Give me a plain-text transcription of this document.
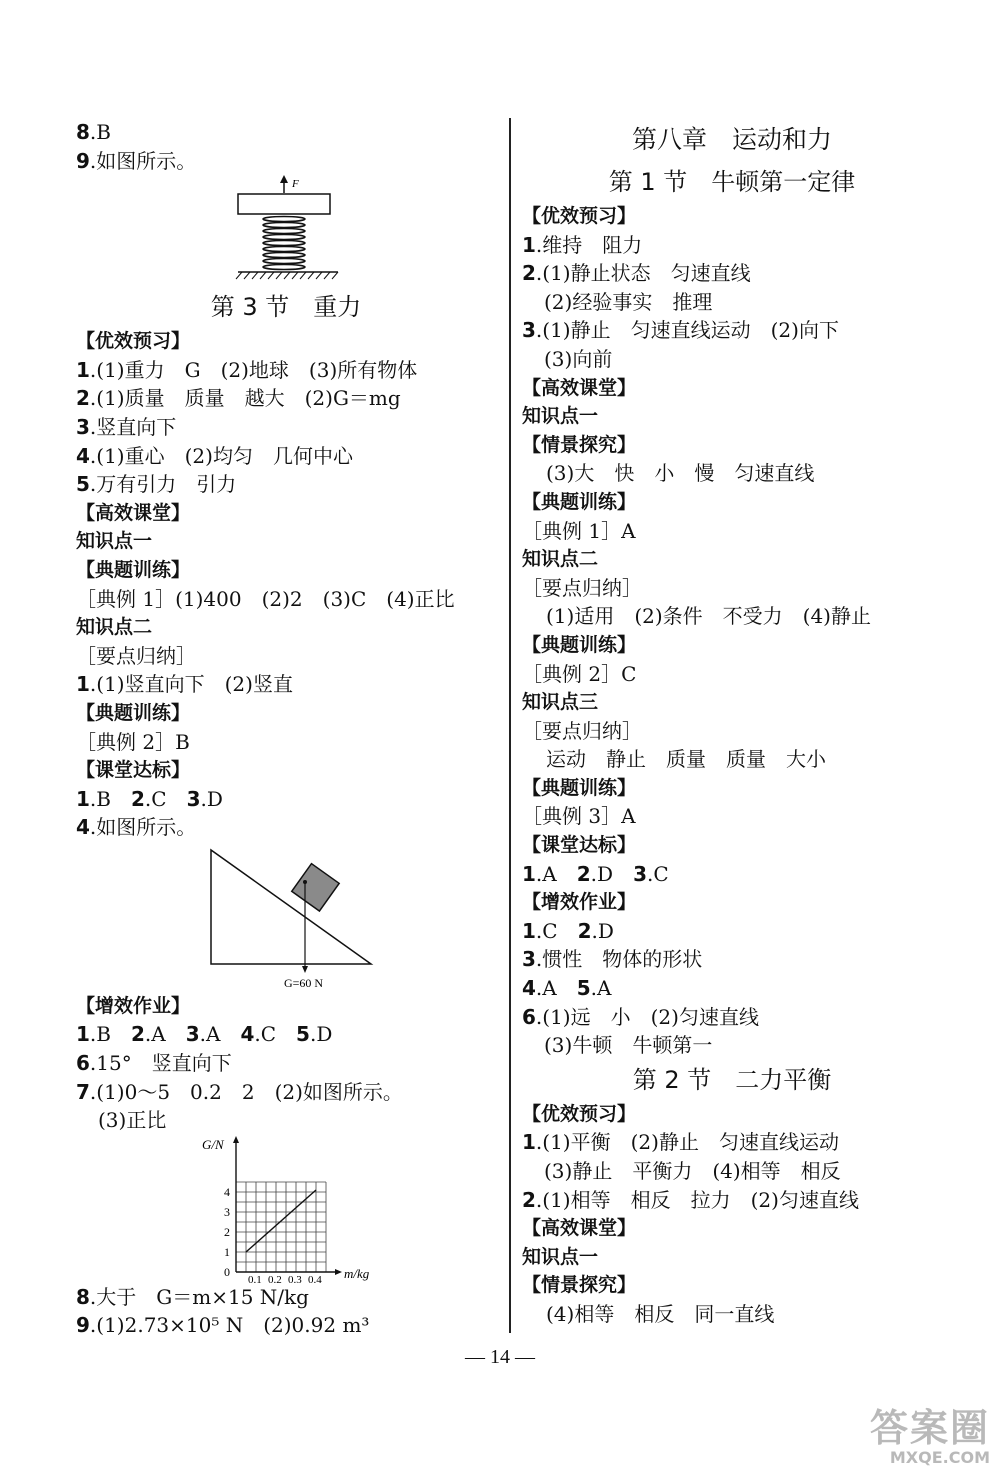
8.B
9.如图所示。
F
第 3 节　重力
【优效预习】
1.(1)重力　G　(2)地球　(3)所有物体
2.(1)质量　质量　越大　(2)G＝mg
3.竖直向下
4.(1)重心　(2)均匀　几何中心
5.万有引力　引力
【高效课堂】
知识点一
【典题训练】
［典例 1］(1)400　(2)2　(3)C　(4)正比
知识点二
［要点归纳］
1.(1)竖直向下　(2)竖直
【典题训练】
［典例 2］B
【课堂达标】
1.B　2.C　3.D
4.如图所示。
G=60 N
【增效作业】
1.B　2.A　3.A　4.C　5.D
6.15°　竖直向下
7.(1)0～5　0.2　2　(2)如图所示。
(3)正比
G/N
4
3
2
1
0
0.1 0.2 0.3 0.4 m/kg
8.大于　G＝m×15 N/kg
9.(1)2.73×10⁵ N　(2)0.92 m³
第八章　运动和力
第 1 节　牛顿第一定律
【优效预习】
1.维持　阻力
2.(1)静止状态　匀速直线
(2)经验事实　推理
3.(1)静止　匀速直线运动　(2)向下
(3)向前
【高效课堂】
知识点一
【情景探究】
(3)大　快　小　慢　匀速直线
【典题训练】
［典例 1］A
知识点二
［要点归纳］
(1)适用　(2)条件　不受力　(4)静止
【典题训练】
［典例 2］C
知识点三
［要点归纳］
运动　静止　质量　质量　大小
【典题训练】
［典例 3］A
【课堂达标】
1.A　2.D　3.C
【增效作业】
1.C　2.D
3.惯性　物体的形状
4.A　5.A
6.(1)远　小　(2)匀速直线
(3)牛顿　牛顿第一
第 2 节　二力平衡
【优效预习】
1.(1)平衡　(2)静止　匀速直线运动
(3)静止　平衡力　(4)相等　相反
2.(1)相等　相反　拉力　(2)匀速直线
【高效课堂】
知识点一
【情景探究】
(4)相等　相反　同一直线
— 14 —
答案圈
MXQE.COM
